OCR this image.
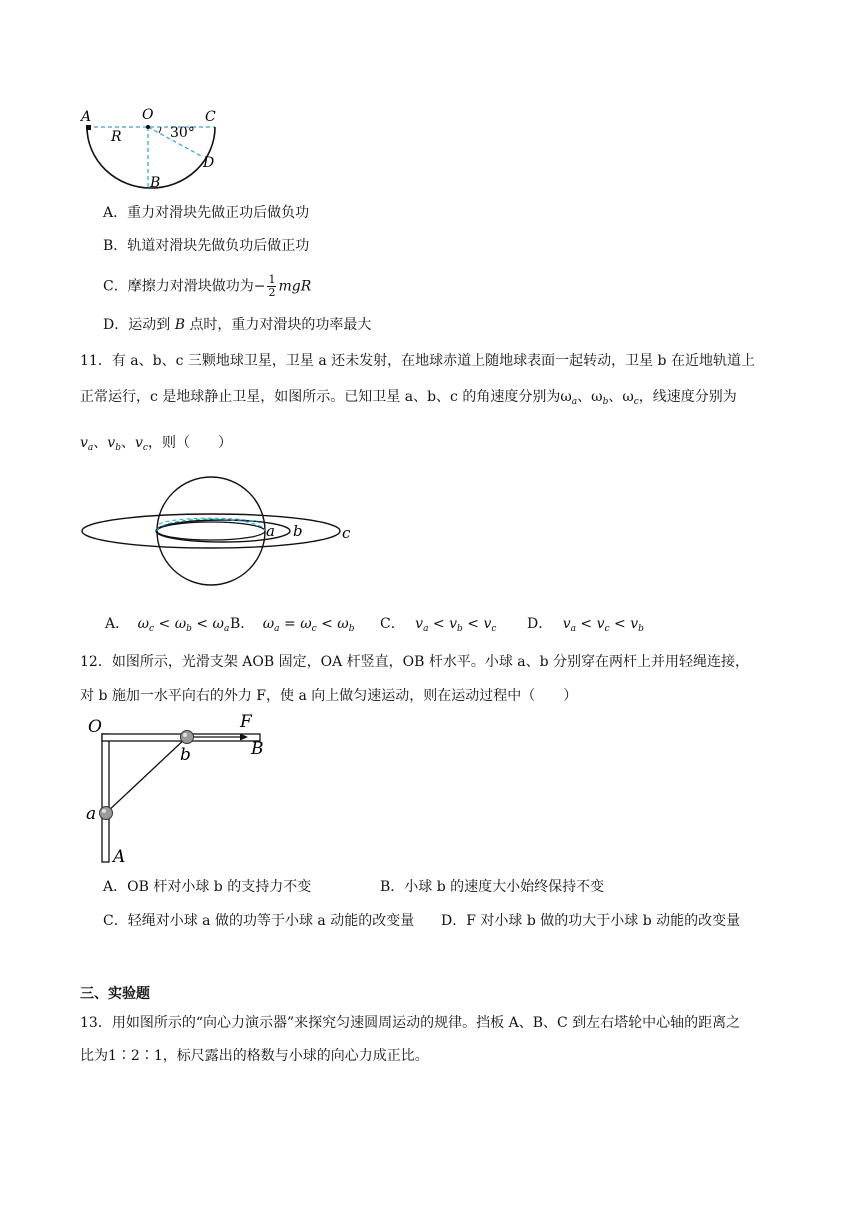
A	O	C
R	30°
D
B
A．重力对滑块先做正功后做负功
B．轨道对滑块先做负功后做正功
C．摩擦力对滑块做功为− $\frac{1}{2}$ mgR
D．运动到 B 点时，重力对滑块的功率最大
11．有 a、b、c 三颗地球卫星，卫星 a 还未发射，在地球赤道上随地球表面一起转动，卫星 b 在近地轨道上
正常运行，c 是地球静止卫星，如图所示。已知卫星 a、b、c 的角速度分别为$\omega_a$、$\omega_b$、$\omega_c$，线速度分别为
$v_a$、$v_b$、$v_c$，则（　　）
a b	c
A． $\omega_c < \omega_b < \omega_a$ B． $\omega_a = \omega_c < \omega_b$ C． $v_a < v_b < v_c$ D． $v_a < v_c < v_b$
12．如图所示，光滑支架 AOB 固定，OA 杆竖直，OB 杆水平。小球 a、b 分别穿在两杆上并用轻绳连接，
对 b 施加一水平向右的外力 F，使 a 向上做匀速运动，则在运动过程中（　　）
O	F
B
b
a
A
A．OB 杆对小球 b 的支持力不变	B．小球 b 的速度大小始终保持不变
C．轻绳对小球 a 做的功等于小球 a 动能的改变量 D．F 对小球 b 做的功大于小球 b 动能的改变量
三、实验题
13．用如图所示的“向心力演示器”来探究匀速圆周运动的规律。挡板 A、B、C 到左右塔轮中心轴的距离之
比为1∶2∶1，标尺露出的格数与小球的向心力成正比。
